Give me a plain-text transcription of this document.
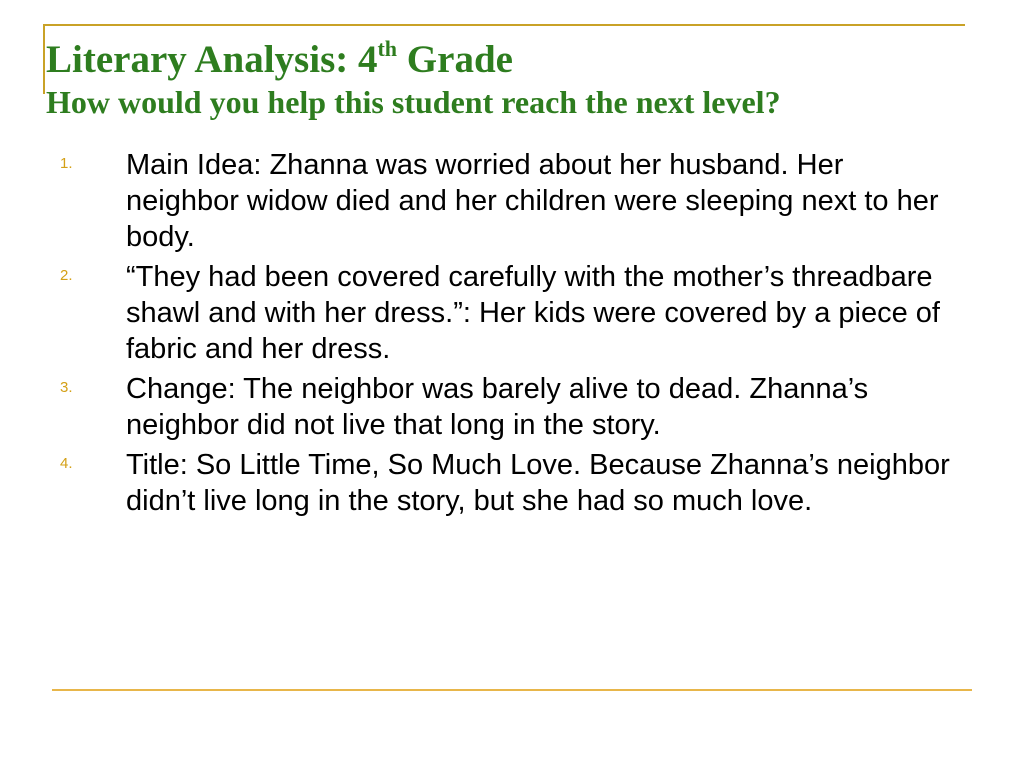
Literary Analysis: 4th Grade
How would you help this student reach the next level?
1. Main Idea: Zhanna was worried about her husband. Her neighbor widow died and her children were sleeping next to her body.
2. “They had been covered carefully with the mother’s threadbare shawl and with her dress.”: Her kids were covered by a piece of fabric and her dress.
3. Change: The neighbor was barely alive to dead. Zhanna’s neighbor did not live that long in the story.
4. Title: So Little Time, So Much Love. Because Zhanna’s neighbor didn’t live long in the story, but she had so much love.
